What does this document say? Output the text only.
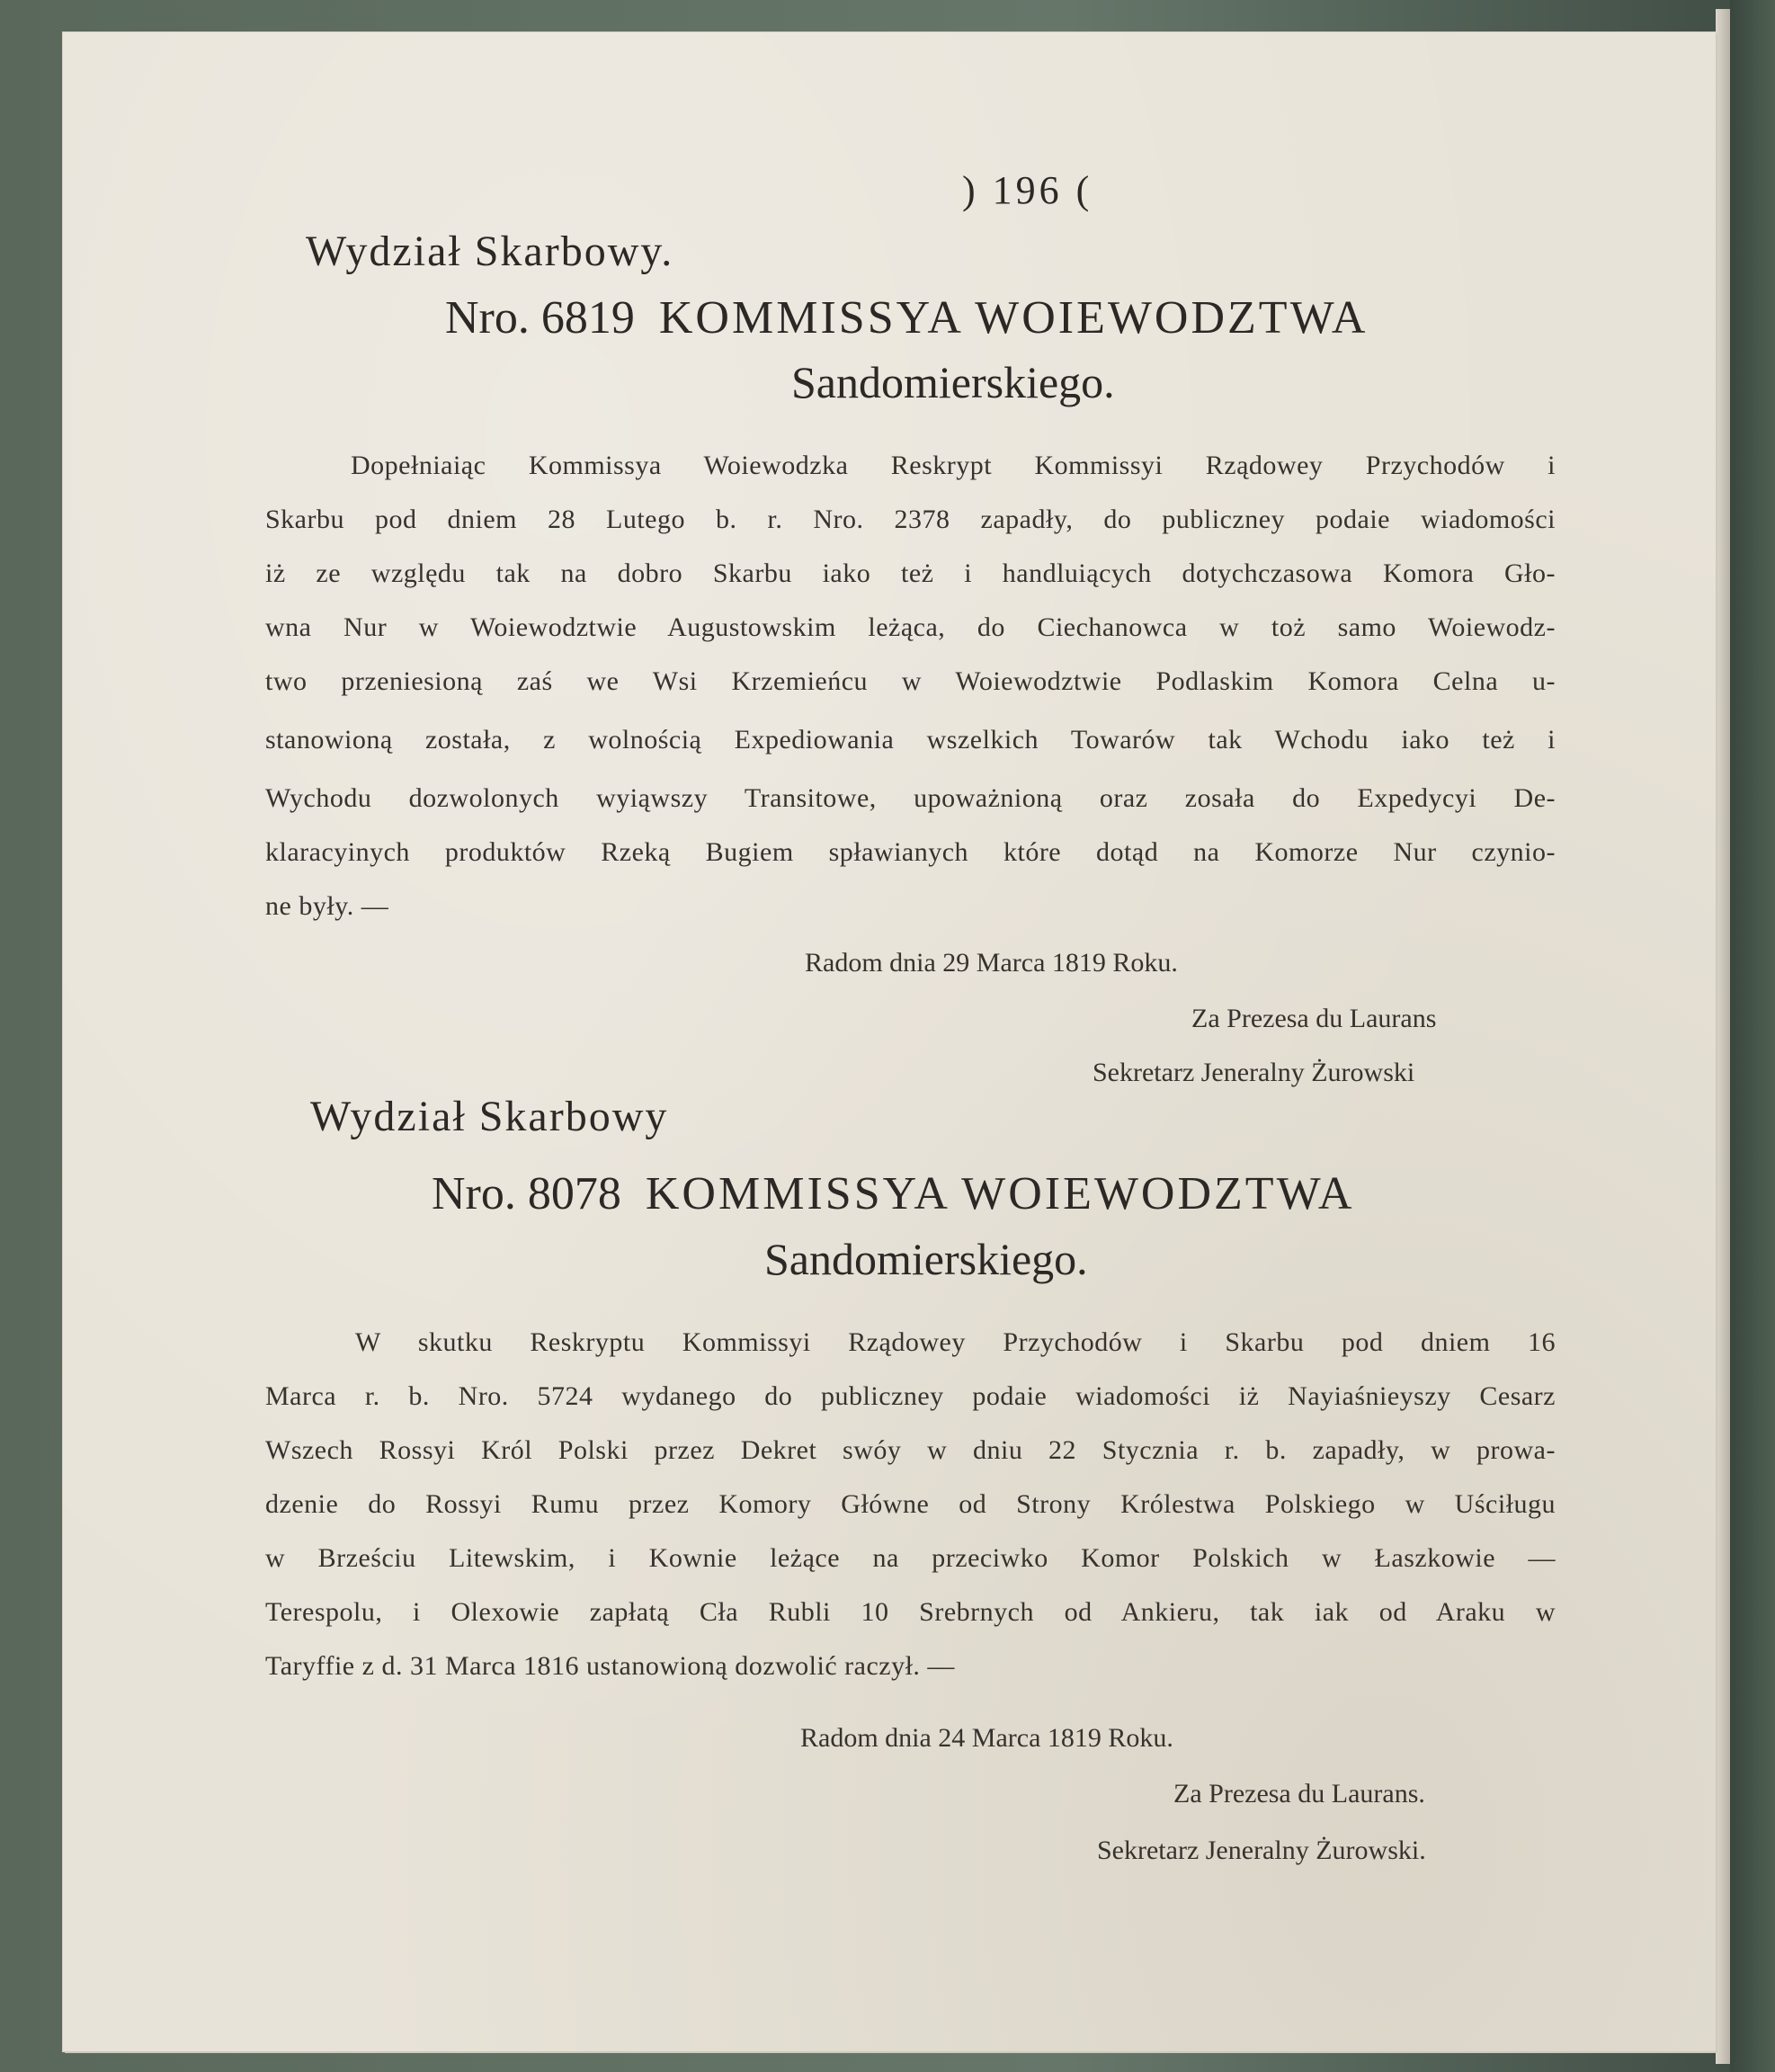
) 196 (
Wydział Skarbowy.
Nro. 6819 KOMMISSYA WOIEWODZTWA
Sandomierskiego.
Dopełniaiąc Kommissya Woiewodzka Reskrypt Kommissyi Rządowey Przychodów i
Skarbu pod dniem 28 Lutego b. r. Nro. 2378 zapadły, do publiczney podaie wiadomości
iż ze względu tak na dobro Skarbu iako też i handluiących dotychczasowa Komora Gło-
wna Nur w Woiewodztwie Augustowskim leżąca, do Ciechanowca w toż samo Woiewodz-
two przeniesioną zaś we Wsi Krzemieńcu w Woiewodztwie Podlaskim Komora Celna u-
stanowioną została, z wolnością Expediowania wszelkich Towarów tak Wchodu iako też i
Wychodu dozwolonych wyiąwszy Transitowe, upoważnioną oraz zosała do Expedycyi De-
klaracyinych produktów Rzeką Bugiem spławianych które dotąd na Komorze Nur czynio-
ne były. —
Radom dnia 29 Marca 1819 Roku.
Za Prezesa du Laurans
Sekretarz Jeneralny Żurowski
Wydział Skarbowy
Nro. 8078 KOMMISSYA WOIEWODZTWA
Sandomierskiego.
W skutku Reskryptu Kommissyi Rządowey Przychodów i Skarbu pod dniem 16
Marca r. b. Nro. 5724 wydanego do publiczney podaie wiadomości iż Nayiaśnieyszy Cesarz
Wszech Rossyi Król Polski przez Dekret swóy w dniu 22 Stycznia r. b. zapadły, w prowa-
dzenie do Rossyi Rumu przez Komory Główne od Strony Królestwa Polskiego w Uściługu
w Brześciu Litewskim, i Kownie leżące na przeciwko Komor Polskich w Łaszkowie —
Terespolu, i Olexowie zapłatą Cła Rubli 10 Srebrnych od Ankieru, tak iak od Araku w
Taryffie z d. 31 Marca 1816 ustanowioną dozwolić raczył. —
Radom dnia 24 Marca 1819 Roku.
Za Prezesa du Laurans.
Sekretarz Jeneralny Żurowski.
